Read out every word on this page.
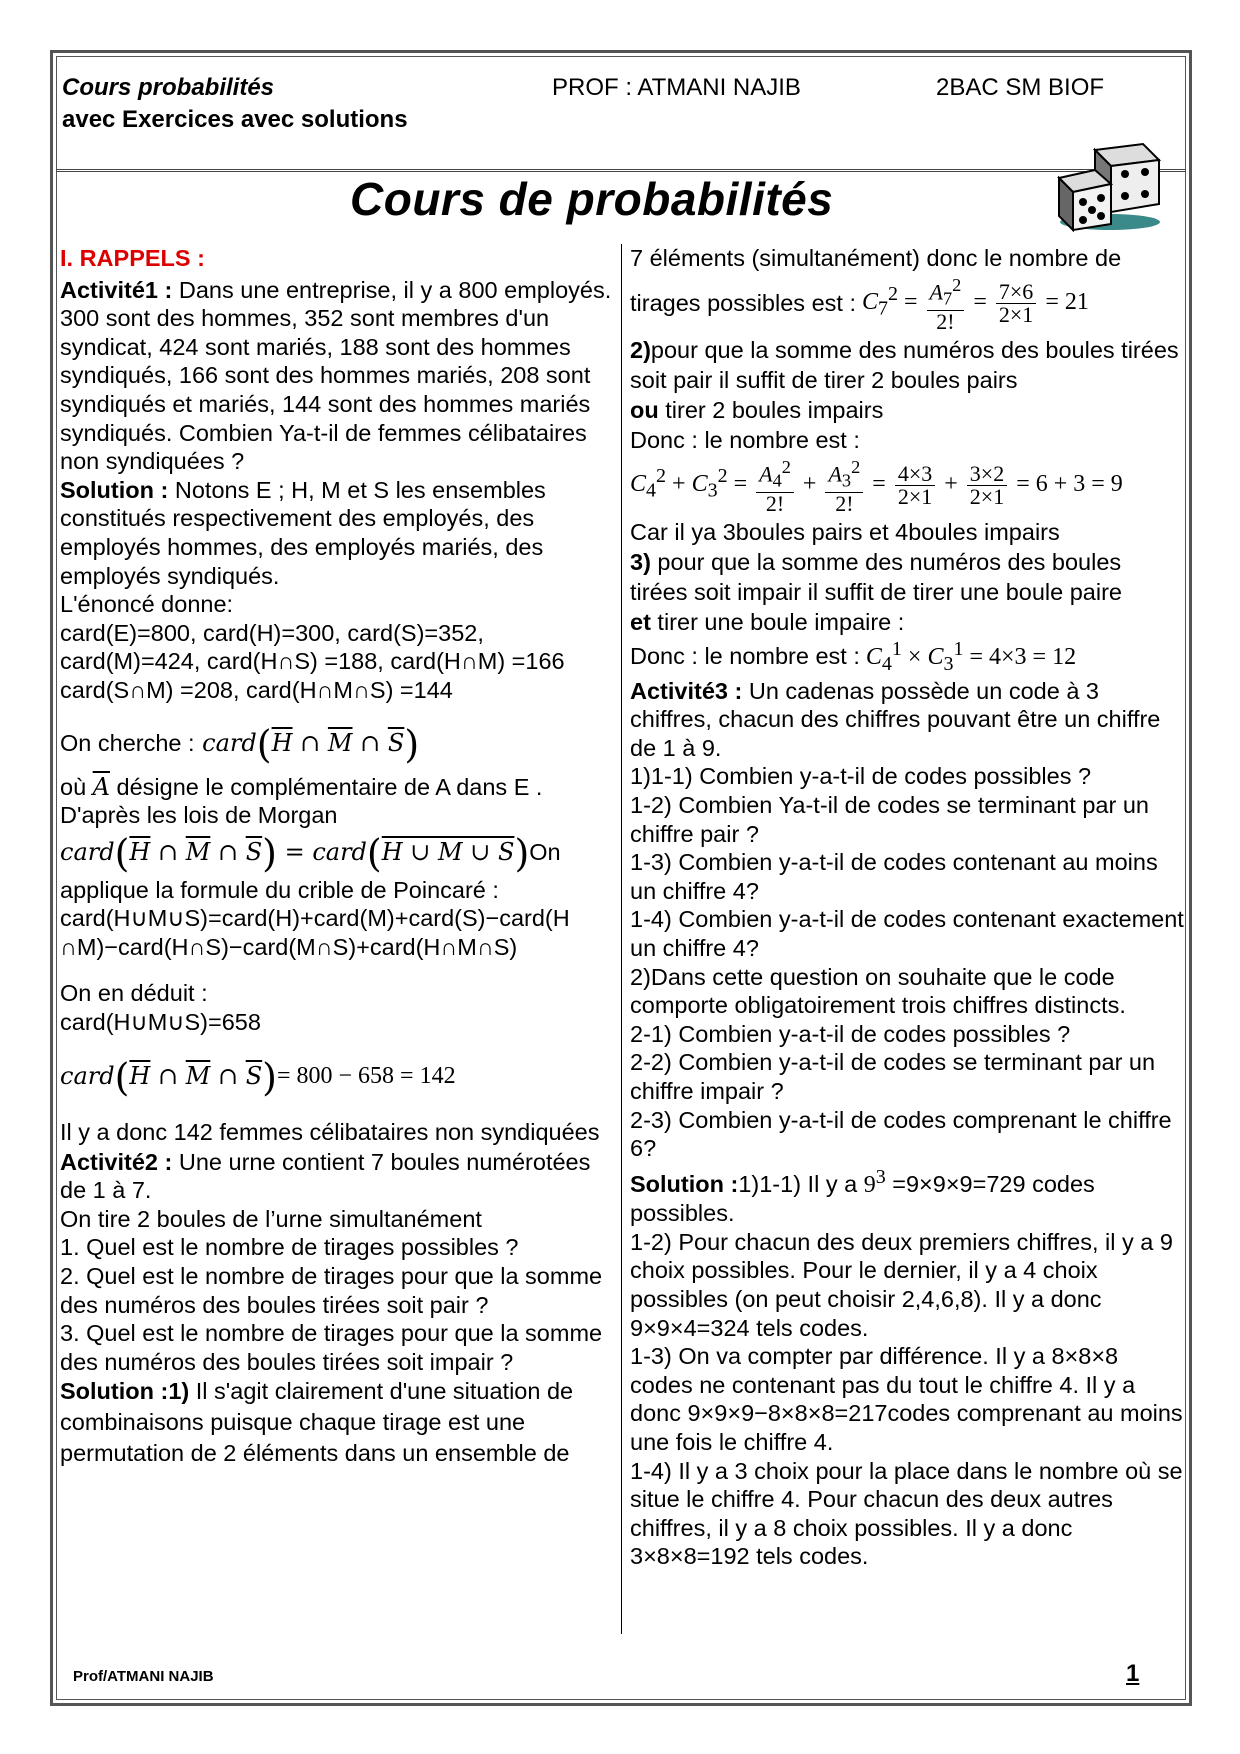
Cours probabilités
avec Exercices avec solutions
PROF : ATMANI NAJIB	2BAC SM BIOF
Cours de probabilités

I. RAPPELS :

Activité1 : Dans une entreprise, il y a 800 employés. 300 sont des hommes, 352 sont membres d'un syndicat, 424 sont mariés, 188 sont des hommes syndiqués, 166 sont des hommes mariés, 208 sont syndiqués et mariés, 144 sont des hommes mariés syndiqués. Combien Ya-t-il de femmes célibataires non syndiquées ?

Solution : Notons E ; H, M et S les ensembles constitués respectivement des employés, des employés hommes, des employés mariés, des employés syndiqués.

L'énoncé donne:

card(E)=800, card(H)=300, card(S)=352,

card(M)=424, card(H∩S) =188, card(H∩M) =166

card(S∩M) =208, card(H∩M∩S) =144

On cherche : $card(\overline{H}$ ∩ $\overline{M}$ ∩ $\overline{S}$)

où $\overline{A}$ désigne le complémentaire de A dans E .

D'après les lois de Morgan

$card(\overline{H}$ ∩ $\overline{M}$ ∩ $\overline{S}$) = card(H ∪ M ∪ S) On

applique la formule du crible de Poincaré :

card(H∪M∪S)=card(H)+card(M)+card(S)−card(H

∩M)−card(H∩S)−card(M∩S)+card(H∩M∩S)

On en déduit :

card(H∪M∪S)=658

$card(\overline{H}$ ∩ $\overline{M}$ ∩ $\overline{S}) = 800 - 658 = 142$

Il y a donc 142 femmes célibataires non syndiquées

Activité2 : Une urne contient 7 boules numérotées de 1 à 7.

On tire 2 boules de l’urne simultanément

1. Quel est le nombre de tirages possibles ?

2. Quel est le nombre de tirages pour que la somme des numéros des boules tirées soit pair ?

3. Quel est le nombre de tirages pour que la somme des numéros des boules tirées soit impair ?

Solution :1) Il s'agit clairement d'une situation de combinaisons puisque chaque tirage est une permutation de 2 éléments dans un ensemble de

7 éléments (simultanément) donc le nombre de

tirages possibles est : $C_7^2 = \frac{A_7^2}{2!} = \frac{7\times 6}{2\times 1} = 21$

2)pour que la somme des numéros des boules tirées soit pair il suffit de tirer 2 boules pairs

ou tirer 2 boules impairs

Donc : le nombre est :

$C_4^2 + C_3^2 = \frac{A_4^2}{2!} + \frac{A_3^2}{2!} = \frac{4\times 3}{2\times 1} + \frac{3\times 2}{2\times 1} = 6 + 3 = 9$

Car il ya 3boules pairs et 4boules impairs

3) pour que la somme des numéros des boules tirées soit impair il suffit de tirer une boule paire

et tirer une boule impaire :

Donc : le nombre est : $C_4^1 \times C_3^1 = 4\times 3 = 12$

Activité3 : Un cadenas possède un code à 3 chiffres, chacun des chiffres pouvant être un chiffre de 1 à 9.

1)1-1) Combien y-a-t-il de codes possibles ?

1-2) Combien Ya-t-il de codes se terminant par un chiffre pair ?

1-3) Combien y-a-t-il de codes contenant au moins un chiffre 4?

1-4) Combien y-a-t-il de codes contenant exactement un chiffre 4?

2)Dans cette question on souhaite que le code comporte obligatoirement trois chiffres distincts.

2-1) Combien y-a-t-il de codes possibles ?

2-2) Combien y-a-t-il de codes se terminant par un chiffre impair ?

2-3) Combien y-a-t-il de codes comprenant le chiffre 6?

Solution :1)1-1) Il y a $9^3 =9\times 9\times 9=729$ codes possibles.

1-2) Pour chacun des deux premiers chiffres, il y a 9 choix possibles. Pour le dernier, il y a 4 choix possibles (on peut choisir 2,4,6,8). Il y a donc 9×9×4=324 tels codes.

1-3) On va compter par différence. Il y a 8×8×8 codes ne contenant pas du tout le chiffre 4. Il y a donc 9×9×9−8×8×8=217codes comprenant au moins une fois le chiffre 4.

1-4) Il y a 3 choix pour la place dans le nombre où se situe le chiffre 4. Pour chacun des deux autres chiffres, il y a 8 choix possibles. Il y a donc 3×8×8=192 tels codes.

Prof/ATMANI NAJIB	1
